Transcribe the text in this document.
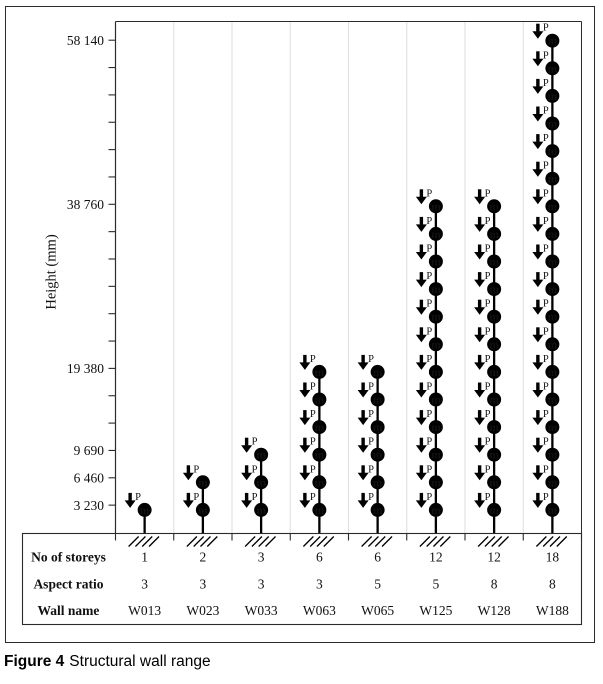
3 230
6 460
9 690
19 380
38 760
58 140
P
m
P
m
P
m
P
m
P
m
P
m
P
m
P
m
P
m
P
m
P
m
P
m
P
m
P
m
P
m
P
m
P
m
P
m
P
m
P
m
P
m
P
m
P
m
P
m
P
m
P
m
P
m
P
m
P
m
P
m
P
m
P
m
P
m
P
m
P
m
P
m
P
m
P
m
P
m
P
m
P
m
P
m
P
m
P
m
P
m
P
m
P
m
P
m
P
m
P
m
P
m
P
m
P
m
P
m
P
m
P
m
P
m
P
m
P
m
P
m
No of storeys
Aspect ratio
Wall name
1
3
W013
2
3
W023
3
3
W033
6
3
W063
6
5
W065
12
5
W125
12
8
W128
18
8
W188
Height (mm)
Figure 4 Structural wall range
